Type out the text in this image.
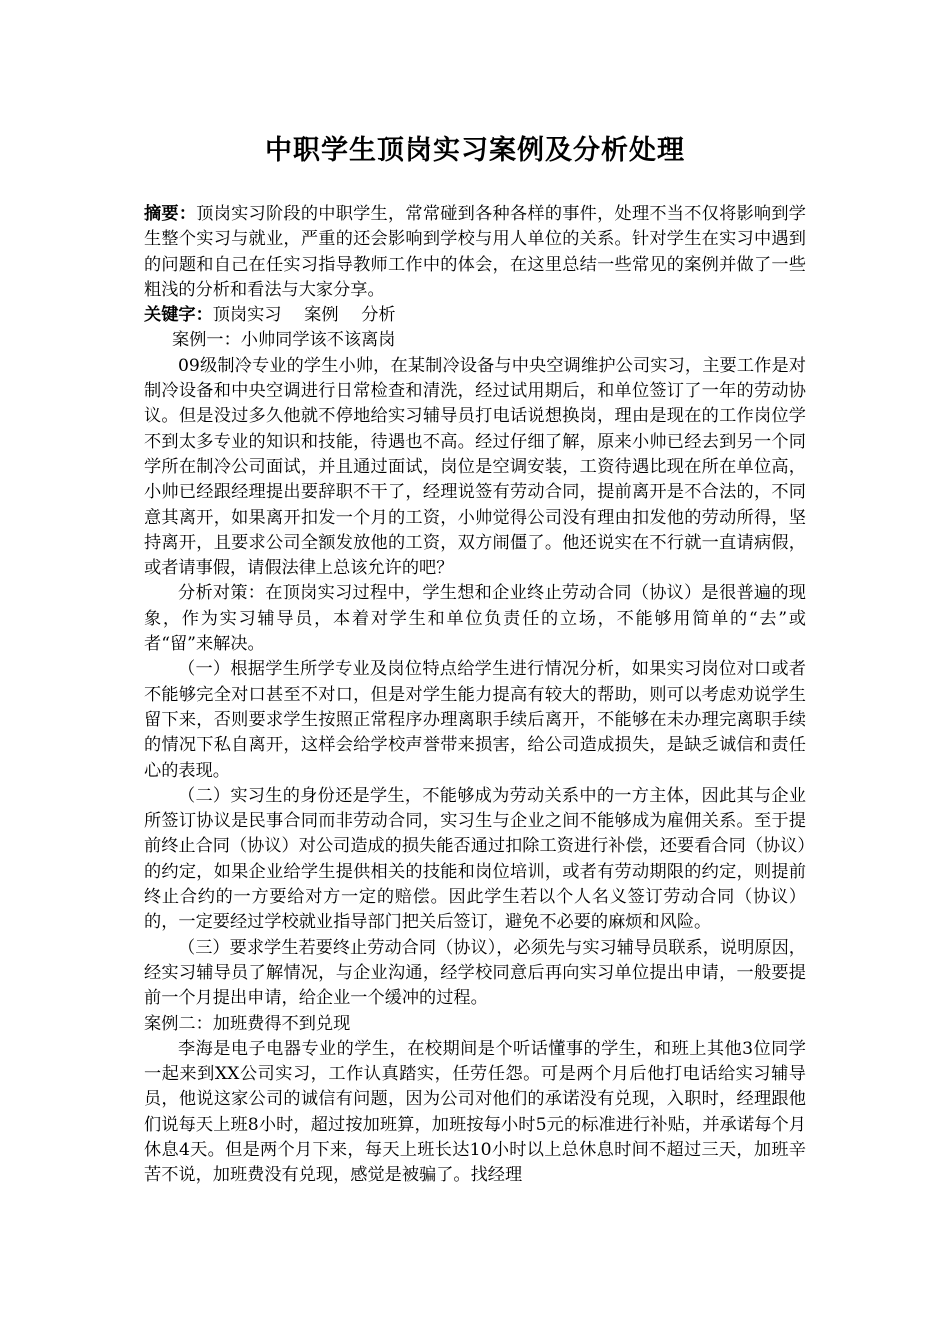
中职学生顶岗实习案例及分析处理

摘要：顶岗实习阶段的中职学生，常常碰到各种各样的事件，处理不当不仅将影响到学生整个实习与就业，严重的还会影响到学校与用人单位的关系。针对学生在实习中遇到的问题和自己在任实习指导教师工作中的体会，在这里总结一些常见的案例并做了一些粗浅的分析和看法与大家分享。

关键字：顶岗实习　 案例　 分析

案例一：小帅同学该不该离岗

09级制冷专业的学生小帅，在某制冷设备与中央空调维护公司实习，主要工作是对制冷设备和中央空调进行日常检查和清洗，经过试用期后，和单位签订了一年的劳动协议。但是没过多久他就不停地给实习辅导员打电话说想换岗，理由是现在的工作岗位学不到太多专业的知识和技能，待遇也不高。经过仔细了解，原来小帅已经去到另一个同学所在制冷公司面试，并且通过面试，岗位是空调安装，工资待遇比现在所在单位高，小帅已经跟经理提出要辞职不干了，经理说签有劳动合同，提前离开是不合法的，不同意其离开，如果离开扣发一个月的工资，小帅觉得公司没有理由扣发他的劳动所得，坚持离开，且要求公司全额发放他的工资，双方闹僵了。他还说实在不行就一直请病假，或者请事假，请假法律上总该允许的吧？

分析对策：在顶岗实习过程中，学生想和企业终止劳动合同（协议）是很普遍的现象，作为实习辅导员，本着对学生和单位负责任的立场，不能够用简单的“去”或者“留”来解决。

（一）根据学生所学专业及岗位特点给学生进行情况分析，如果实习岗位对口或者不能够完全对口甚至不对口，但是对学生能力提高有较大的帮助，则可以考虑劝说学生留下来，否则要求学生按照正常程序办理离职手续后离开，不能够在未办理完离职手续的情况下私自离开，这样会给学校声誉带来损害，给公司造成损失，是缺乏诚信和责任心的表现。

（二）实习生的身份还是学生，不能够成为劳动关系中的一方主体，因此其与企业所签订协议是民事合同而非劳动合同，实习生与企业之间不能够成为雇佣关系。至于提前终止合同（协议）对公司造成的损失能否通过扣除工资进行补偿，还要看合同（协议）的约定，如果企业给学生提供相关的技能和岗位培训，或者有劳动期限的约定，则提前终止合约的一方要给对方一定的赔偿。因此学生若以个人名义签订劳动合同（协议）的，一定要经过学校就业指导部门把关后签订，避免不必要的麻烦和风险。

（三）要求学生若要终止劳动合同（协议），必须先与实习辅导员联系，说明原因，经实习辅导员了解情况，与企业沟通，经学校同意后再向实习单位提出申请，一般要提前一个月提出申请，给企业一个缓冲的过程。

案例二：加班费得不到兑现

李海是电子电器专业的学生，在校期间是个听话懂事的学生，和班上其他3位同学一起来到XX公司实习，工作认真踏实，任劳任怨。可是两个月后他打电话给实习辅导员，他说这家公司的诚信有问题，因为公司对他们的承诺没有兑现，入职时，经理跟他们说每天上班8小时，超过按加班算，加班按每小时5元的标准进行补贴，并承诺每个月休息4天。但是两个月下来，每天上班长达10小时以上总休息时间不超过三天，加班辛苦不说，加班费没有兑现，感觉是被骗了。找经理
